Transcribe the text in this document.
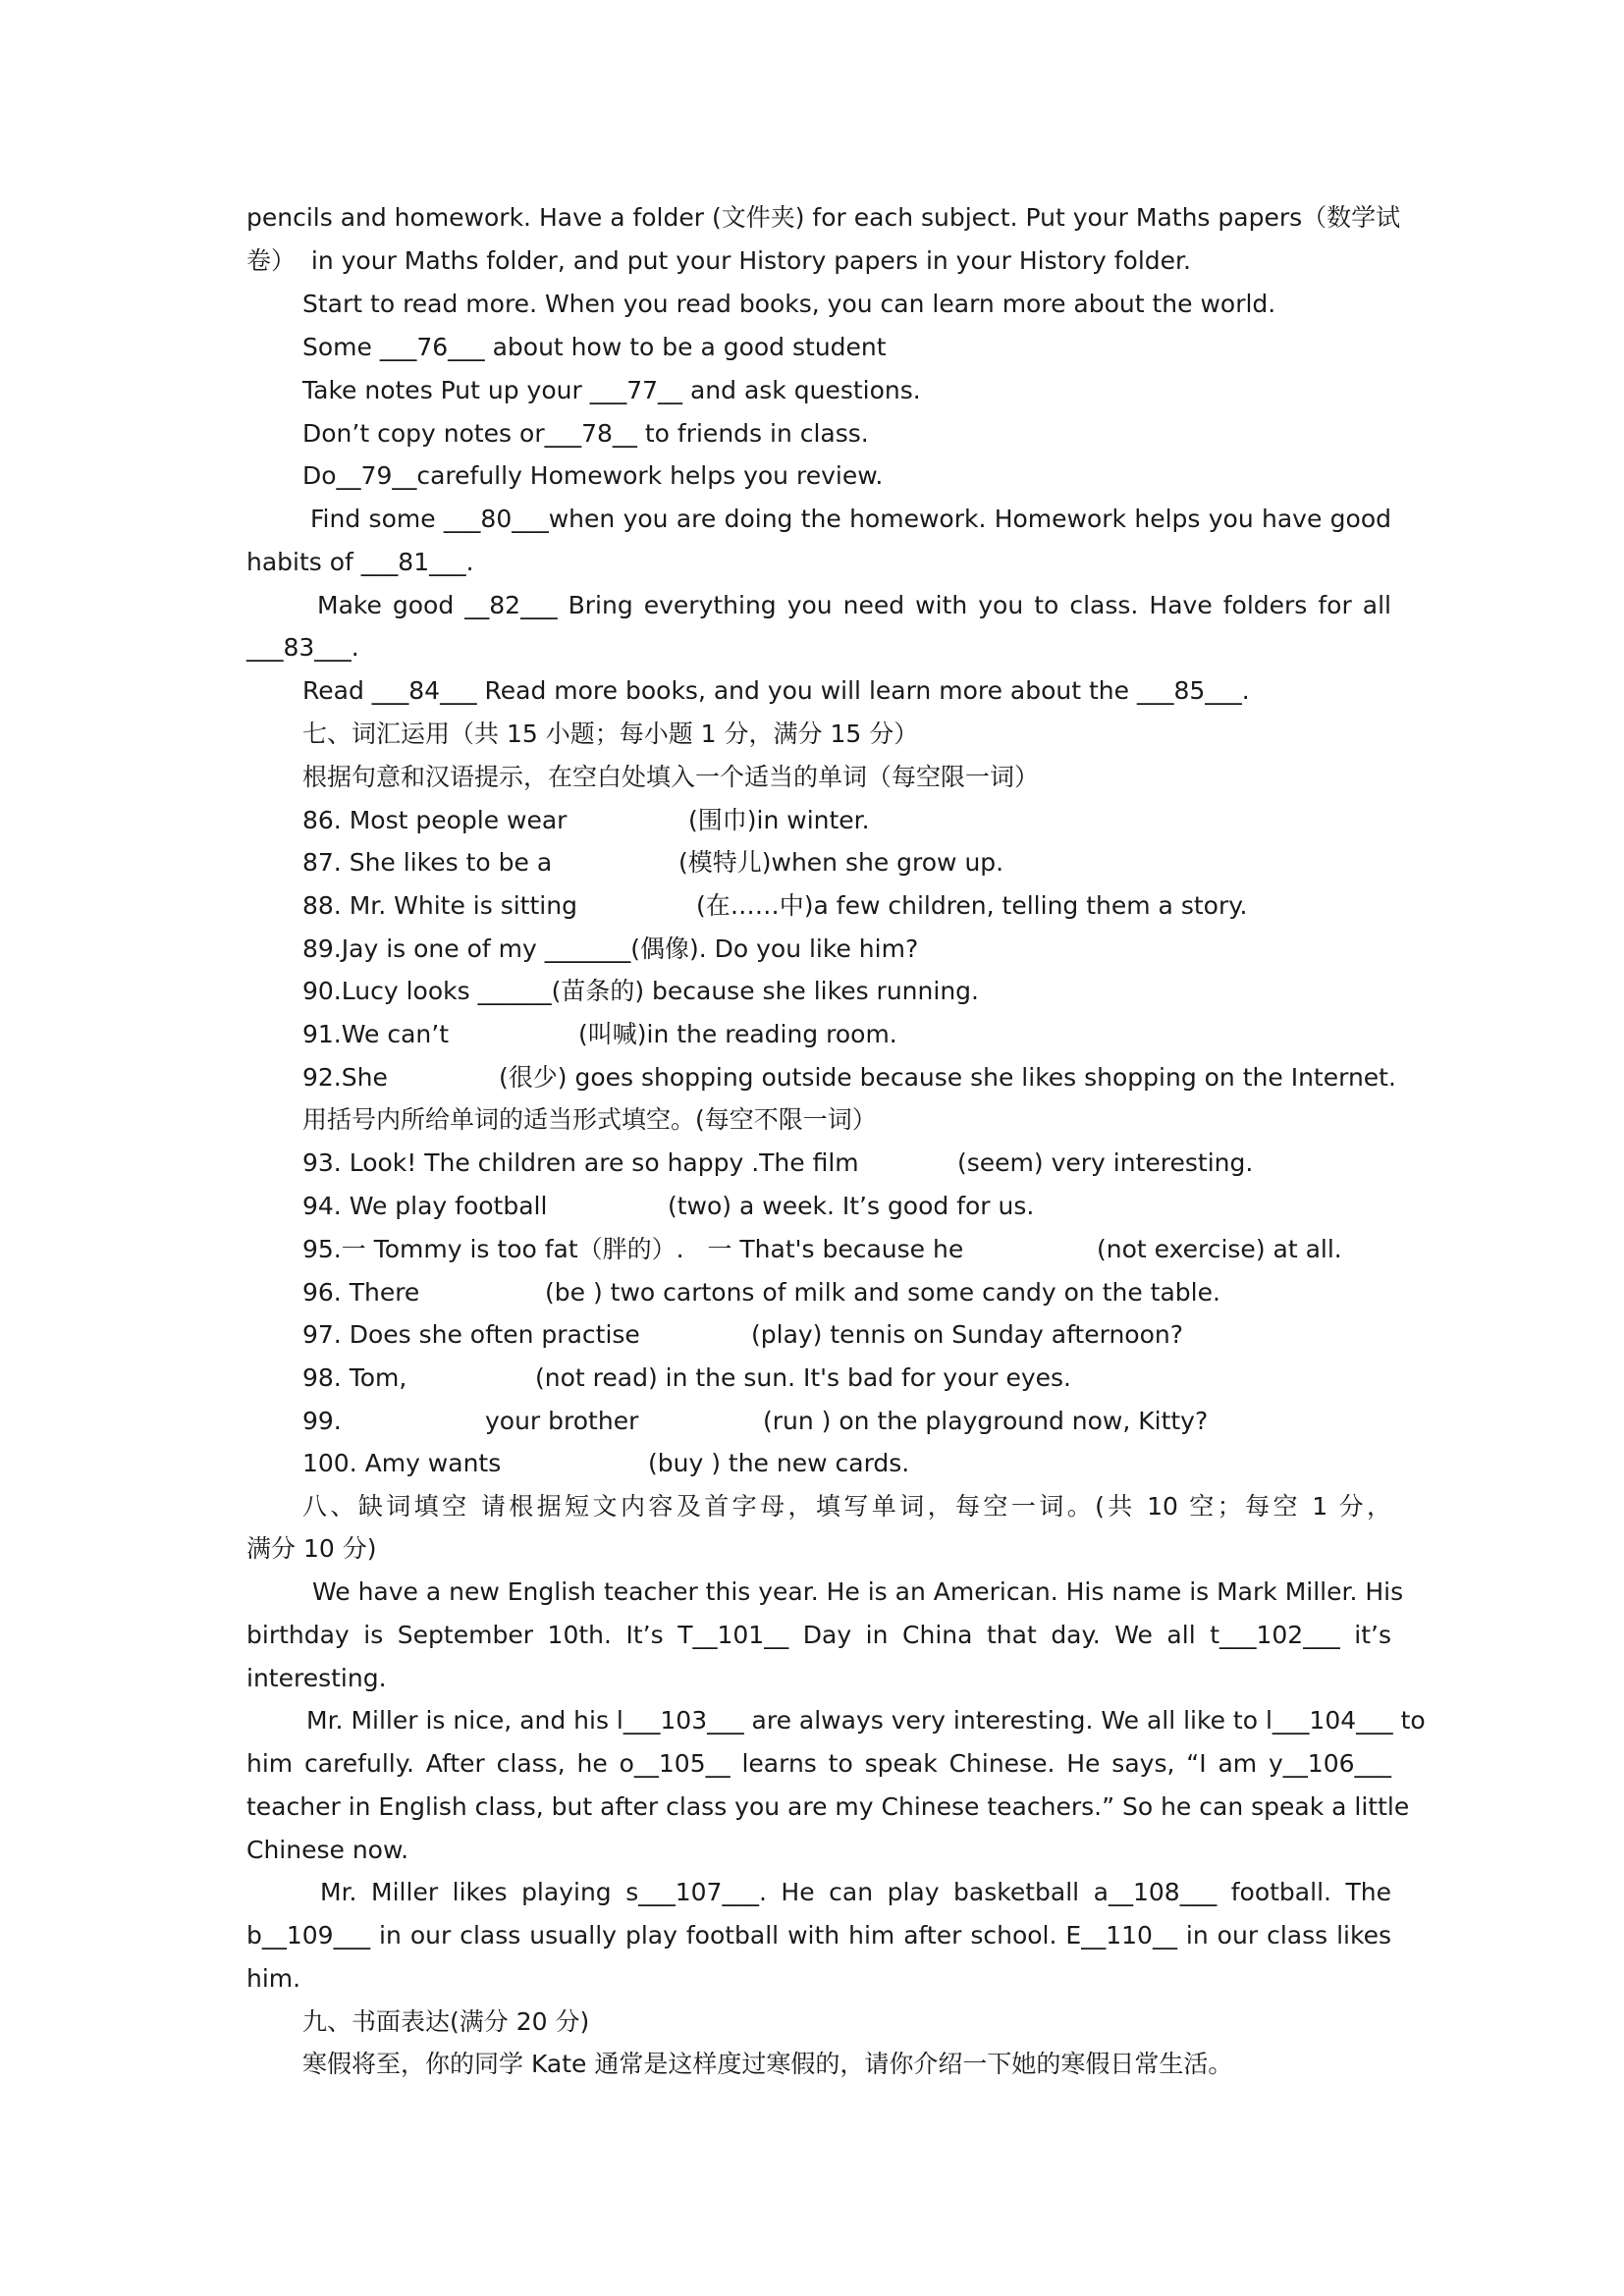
pencils and homework. Have a folder (文件夹) for each subject. Put your Maths papers（数学试
卷）  in your Maths folder, and put your History papers in your History folder.
Start to read more. When you read books, you can learn more about the world.
Some ___76___ about how to be a good student
Take notes Put up your ___77__ and ask questions.
Don’t copy notes or___78__ to friends in class.
Do__79__carefully Homework helps you review.
Find some ___80___when you are doing the homework. Homework helps you have good
habits of ___81___.
Make good __82___ Bring everything you need with you to class. Have folders for all
___83___.
Read ___84___ Read more books, and you will learn more about the ___85___.
七、词汇运用（共 15 小题；每小题 1 分，满分 15 分）
根据句意和汉语提示，在空白处填入一个适当的单词（每空限一词）
86. Most people wear	(围巾)in winter.
87. She likes to be a	(模特儿)when she grow up.
88. Mr. White is sitting	(在……中)a few children, telling them a story.
89.Jay is one of my _______(偶像). Do you like him?
90.Lucy looks ______(苗条的) because she likes running.
91.We can’t	(叫喊)in the reading room.
92.She	(很少) goes shopping outside because she likes shopping on the Internet.
用括号内所给单词的适当形式填空。(每空不限一词）
93. Look! The children are so happy .The film	(seem) very interesting.
94. We play football	(two) a week. It’s good for us.
95.一 Tommy is too fat（胖的）.   一 That's because he	(not exercise) at all.
96. There	(be ) two cartons of milk and some candy on the table.
97. Does she often practise	(play) tennis on Sunday afternoon?
98. Tom,	(not read) in the sun. It's bad for your eyes.
99.	your brother	(run ) on the playground now, Kitty?
100. Amy wants	(buy ) the new cards.
八、缺词填空 请根据短文内容及首字母，填写单词，每空一词。(共 10 空；每空 1 分，
满分 10 分)
We have a new English teacher this year. He is an American. His name is Mark Miller. His
birthday is September 10th. It’s T__101__ Day in China that day. We all t___102___ it’s
interesting.
Mr. Miller is nice, and his l___103___ are always very interesting. We all like to l___104___ to
him carefully. After class, he o__105__ learns to speak Chinese. He says, “I am y__106___
teacher in English class, but after class you are my Chinese teachers.” So he can speak a little
Chinese now.
Mr. Miller likes playing s___107___. He can play basketball a__108___ football. The
b__109___ in our class usually play football with him after school. E__110__ in our class likes
him.
九、书面表达(满分 20 分)
寒假将至，你的同学 Kate 通常是这样度过寒假的，请你介绍一下她的寒假日常生活。
